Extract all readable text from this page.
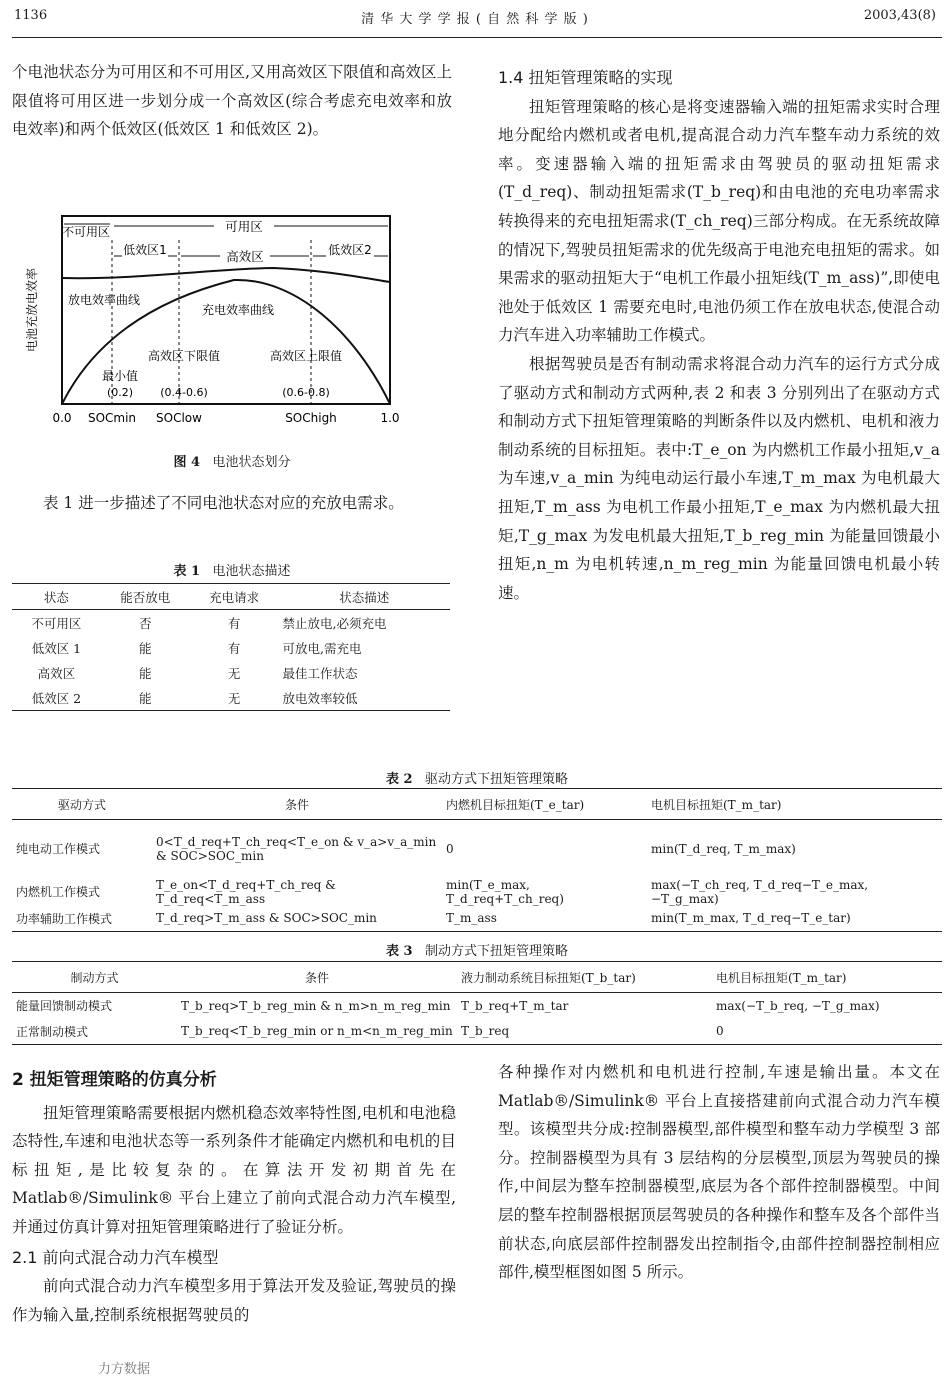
1136	清 华 大 学 学 报 ( 自 然 科 学 版 )	2003,43(8)

个电池状态分为可用区和不可用区,又用高效区下限值和高效区上限值将可用区进一步划分成一个高效区(综合考虑充电效率和放电效率)和两个低效区(低效区 1 和低效区 2)。

电池充放电效率
可用区
不可用区
低效区1	高效区	低效区2
放电效率曲线
充电效率曲线
最小值
(0.2)
高效区下限值
(0.4-0.6)
高效区上限值
(0.6-0.8)
0.0 SOCmin SOClow	SOChigh	1.0
图 4 电池状态划分

表 1 进一步描述了不同电池状态对应的充放电需求。

表 1 电池状态描述
状态	能否放电	充电请求	状态描述
不可用区	否	有	禁止放电,必须充电
低效区 1	能	有	可放电,需充电
高效区	能	无	最佳工作状态
低效区 2	能	无	放电效率较低

1.4 扭矩管理策略的实现

扭矩管理策略的核心是将变速器输入端的扭矩需求实时合理地分配给内燃机或者电机,提高混合动力汽车整车动力系统的效率。变速器输入端的扭矩需求由驾驶员的驱动扭矩需求(T_d_req)、制动扭矩需求(T_b_req)和由电池的充电功率需求转换得来的充电扭矩需求(T_ch_req)三部分构成。在无系统故障的情况下,驾驶员扭矩需求的优先级高于电池充电扭矩的需求。如果需求的驱动扭矩大于“电机工作最小扭矩线(T_m_ass)”,即使电池处于低效区 1 需要充电时,电池仍须工作在放电状态,使混合动力汽车进入功率辅助工作模式。

根据驾驶员是否有制动需求将混合动力汽车的运行方式分成了驱动方式和制动方式两种,表 2 和表 3 分别列出了在驱动方式和制动方式下扭矩管理策略的判断条件以及内燃机、电机和液力制动系统的目标扭矩。表中:T_e_on 为内燃机工作最小扭矩,v_a 为车速,v_a_min 为纯电动运行最小车速,T_m_max 为电机最大扭矩,T_m_ass 为电机工作最小扭矩,T_e_max 为内燃机最大扭矩,T_g_max 为发电机最大扭矩,T_b_reg_min 为能量回馈最小扭矩,n_m 为电机转速,n_m_reg_min 为能量回馈电机最小转速。

表 2 驱动方式下扭矩管理策略
驱动方式	条件	内燃机目标扭矩(T_e_tar)	电机目标扭矩(T_m_tar)
纯电动工作模式	0<T_d_req+T_ch_req<T_e_on & v_a>v_a_min & SOC>SOC_min	0	min(T_d_req, T_m_max)
内燃机工作模式	T_e_on<T_d_req+T_ch_req & T_d_req<T_m_ass	min(T_e_max, T_d_req+T_ch_req)	max(−T_ch_req, T_d_req−T_e_max, −T_g_max)
功率辅助工作模式	T_d_req>T_m_ass & SOC>SOC_min	T_m_ass	min(T_m_max, T_d_req−T_e_tar)
表 3 制动方式下扭矩管理策略
制动方式	条件	液力制动系统目标扭矩(T_b_tar)	电机目标扭矩(T_m_tar)
能量回馈制动模式	T_b_req>T_b_reg_min & n_m>n_m_reg_min	T_b_req+T_m_tar	max(−T_b_req, −T_g_max)
正常制动模式	T_b_req<T_b_reg_min or n_m<n_m_reg_min	T_b_req	0

2 扭矩管理策略的仿真分析

扭矩管理策略需要根据内燃机稳态效率特性图,电机和电池稳态特性,车速和电池状态等一系列条件才能确定内燃机和电机的目标扭矩,是比较复杂的。在算法开发初期首先在 Matlab®/Simulink® 平台上建立了前向式混合动力汽车模型,并通过仿真计算对扭矩管理策略进行了验证分析。

2.1 前向式混合动力汽车模型

前向式混合动力汽车模型多用于算法开发及验证,驾驶员的操作为输入量,控制系统根据驾驶员的

力方数据

各种操作对内燃机和电机进行控制,车速是输出量。本文在 Matlab®/Simulink® 平台上直接搭建前向式混合动力汽车模型。该模型共分成:控制器模型,部件模型和整车动力学模型 3 部分。控制器模型为具有 3 层结构的分层模型,顶层为驾驶员的操作,中间层为整车控制器模型,底层为各个部件控制器模型。中间层的整车控制器根据顶层驾驶员的各种操作和整车及各个部件当前状态,向底层部件控制器发出控制指令,由部件控制器控制相应部件,模型框图如图 5 所示。
